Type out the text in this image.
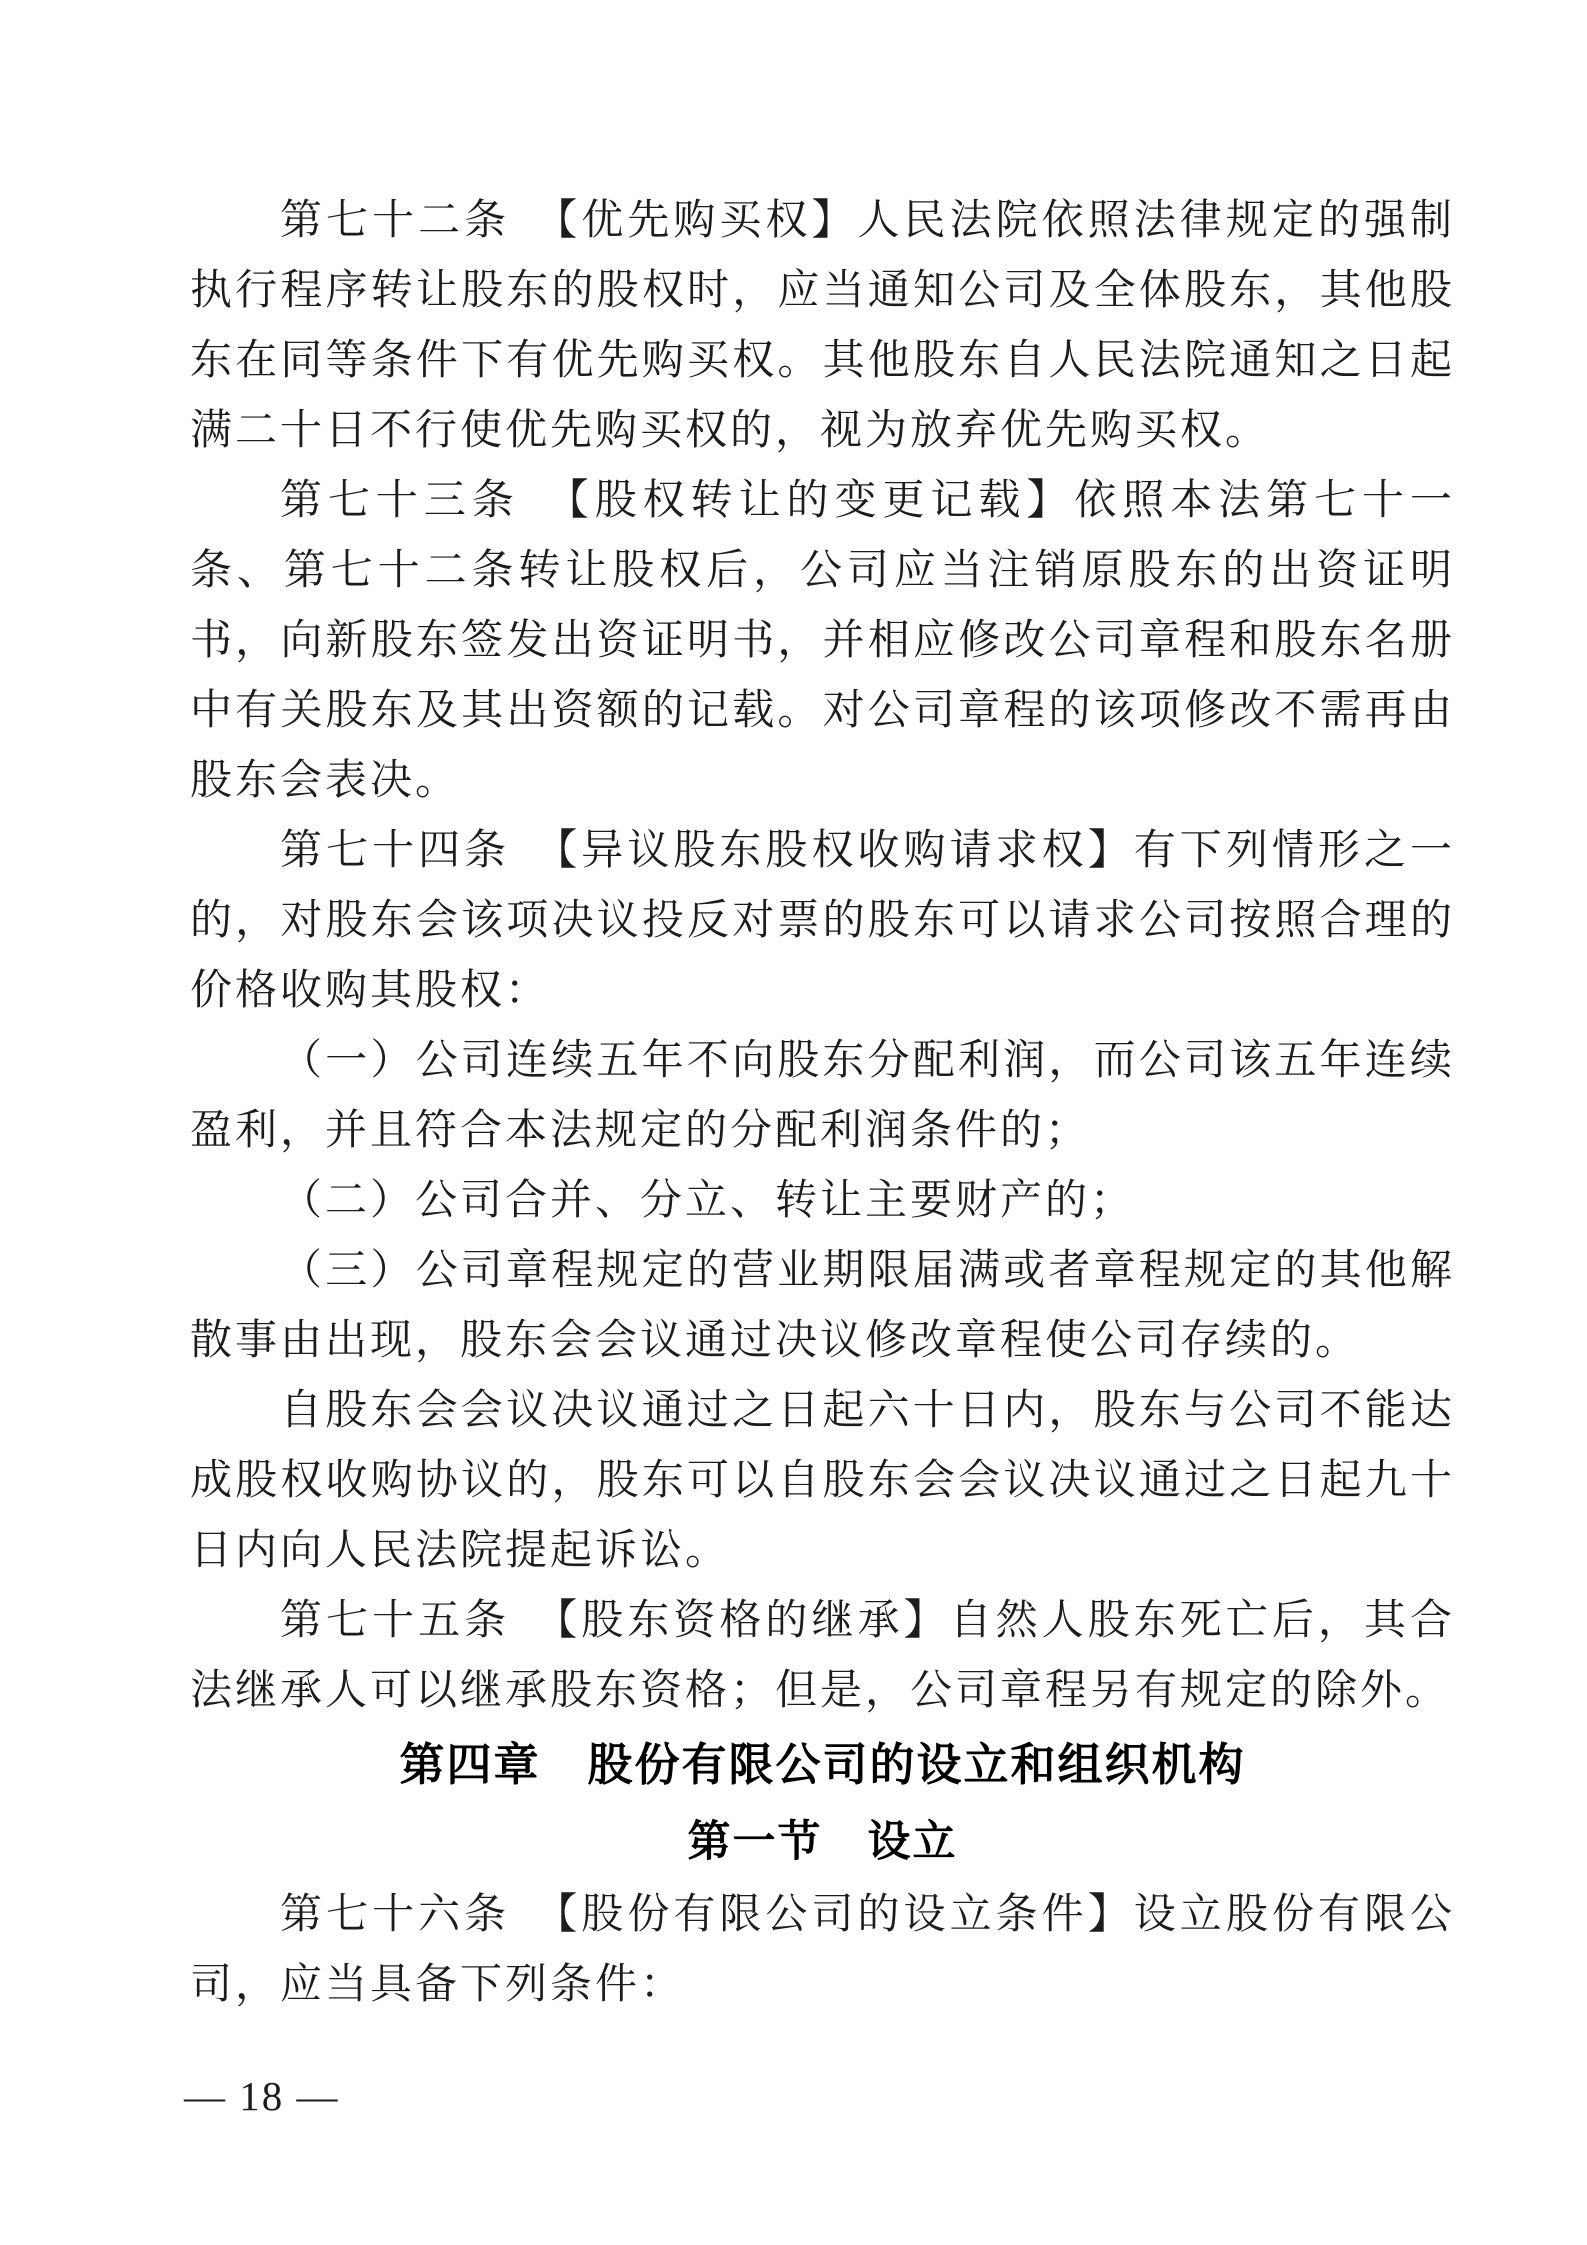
第七十二条　【优先购买权】人民法院依照法律规定的强制执行程序转让股东的股权时，应当通知公司及全体股东，其他股东在同等条件下有优先购买权。其他股东自人民法院通知之日起满二十日不行使优先购买权的，视为放弃优先购买权。

第七十三条　【股权转让的变更记载】依照本法第七十一条、第七十二条转让股权后，公司应当注销原股东的出资证明书，向新股东签发出资证明书，并相应修改公司章程和股东名册中有关股东及其出资额的记载。对公司章程的该项修改不需再由股东会表决。

第七十四条　【异议股东股权收购请求权】有下列情形之一的，对股东会该项决议投反对票的股东可以请求公司按照合理的价格收购其股权：

（一）公司连续五年不向股东分配利润，而公司该五年连续盈利，并且符合本法规定的分配利润条件的；

（二）公司合并、分立、转让主要财产的；

（三）公司章程规定的营业期限届满或者章程规定的其他解散事由出现，股东会会议通过决议修改章程使公司存续的。

自股东会会议决议通过之日起六十日内，股东与公司不能达成股权收购协议的，股东可以自股东会会议决议通过之日起九十日内向人民法院提起诉讼。

第七十五条　【股东资格的继承】自然人股东死亡后，其合法继承人可以继承股东资格；但是，公司章程另有规定的除外。

第四章　股份有限公司的设立和组织机构

第一节　设立

第七十六条　【股份有限公司的设立条件】设立股份有限公司，应当具备下列条件：

— 18 —
